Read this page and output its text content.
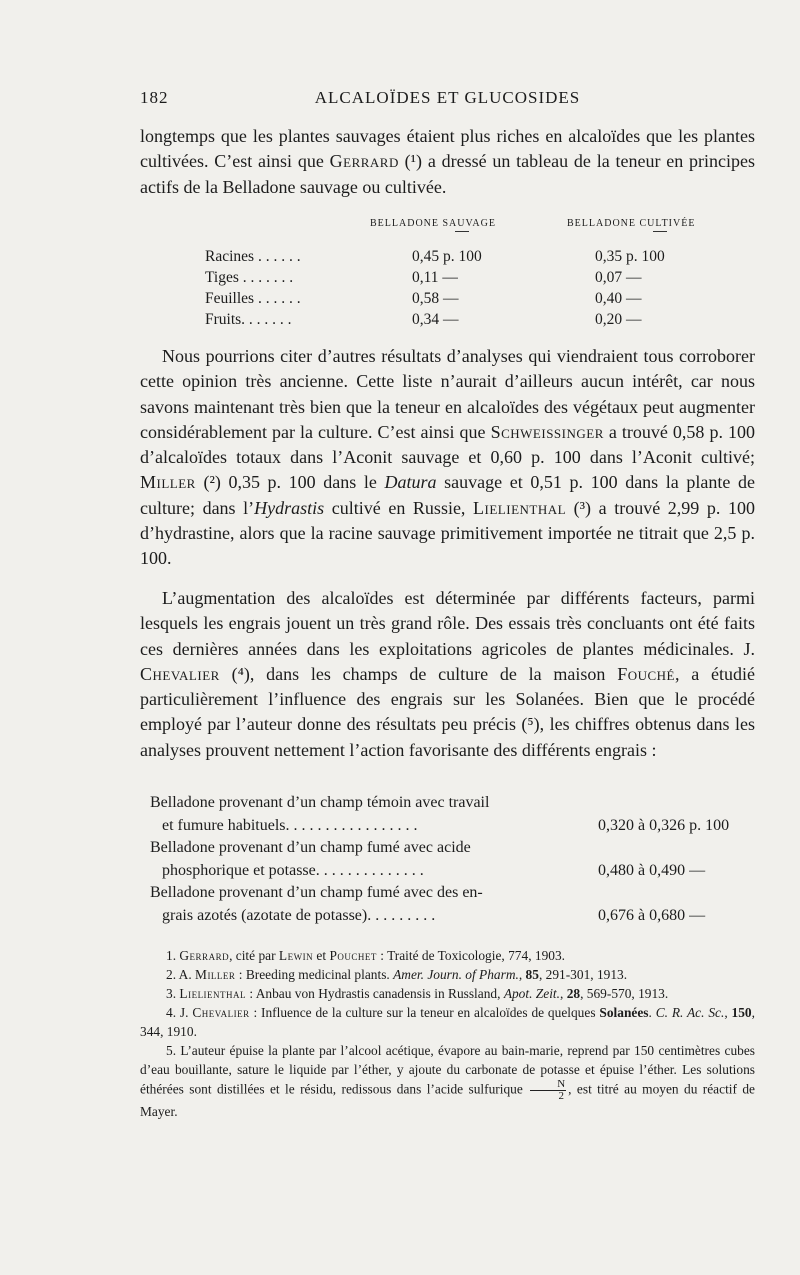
182	ALCALOÏDES ET GLUCOSIDES

longtemps que les plantes sauvages étaient plus riches en alcaloïdes que les plantes cultivées. C’est ainsi que Gerrard (¹) a dressé un tableau de la teneur en principes actifs de la Belladone sauvage ou cultivée.

BELLADONE SAUVAGE	BELLADONE CULTIVÉE
Racines . . . . . .	0,45 p. 100	0,35 p. 100
Tiges . . . . . . .	0,11 —	0,07 —
Feuilles . . . . . .	0,58 —	0,40 —
Fruits. . . . . . .	0,34 —	0,20 —

Nous pourrions citer d’autres résultats d’analyses qui viendraient tous corroborer cette opinion très ancienne. Cette liste n’aurait d’ailleurs aucun intérêt, car nous savons maintenant très bien que la teneur en alcaloïdes des végétaux peut augmenter considérablement par la culture. C’est ainsi que Schweissinger a trouvé 0,58 p. 100 d’alcaloïdes totaux dans l’Aconit sauvage et 0,60 p. 100 dans l’Aconit cultivé; Miller (²) 0,35 p. 100 dans le Datura sauvage et 0,51 p. 100 dans la plante de culture; dans l’Hydrastis cultivé en Russie, Lielienthal (³) a trouvé 2,99 p. 100 d’hydrastine, alors que la racine sauvage primitivement importée ne titrait que 2,5 p. 100.

L’augmentation des alcaloïdes est déterminée par différents facteurs, parmi lesquels les engrais jouent un très grand rôle. Des essais très concluants ont été faits ces dernières années dans les exploitations agricoles de plantes médicinales. J. Chevalier (⁴), dans les champs de culture de la maison Fouché, a étudié particulièrement l’influence des engrais sur les Solanées. Bien que le procédé employé par l’auteur donne des résultats peu précis (⁵), les chiffres obtenus dans les analyses prouvent nettement l’action favorisante des différents engrais :

Belladone provenant d’un champ témoin avec travail
et fumure habituels. . . . . . . . . . . . . . . . .	0,320 à 0,326 p. 100
Belladone provenant d’un champ fumé avec acide
phosphorique et potasse. . . . . . . . . . . . . .	0,480 à 0,490 —
Belladone provenant d’un champ fumé avec des en-
grais azotés (azotate de potasse). . . . . . . . .	0,676 à 0,680 —

1. Gerrard, cité par Lewin et Pouchet : Traité de Toxicologie, 774, 1903.

2. A. Miller : Breeding medicinal plants. Amer. Journ. of Pharm., 85, 291-301, 1913.

3. Lielienthal : Anbau von Hydrastis canadensis in Russland, Apot. Zeit., 28, 569-570, 1913.

4. J. Chevalier : Influence de la culture sur la teneur en alcaloïdes de quelques Solanées. C. R. Ac. Sc., 150, 344, 1910.

5. L’auteur épuise la plante par l’alcool acétique, évapore au bain-marie, reprend par 150 centimètres cubes d’eau bouillante, sature le liquide par l’éther, y ajoute du carbonate de potasse et épuise l’éther. Les solutions éthérées sont distillées et le résidu, redissous dans l’acide sulfurique $\frac{N}{2}$ , est titré au moyen du réactif de Mayer.
